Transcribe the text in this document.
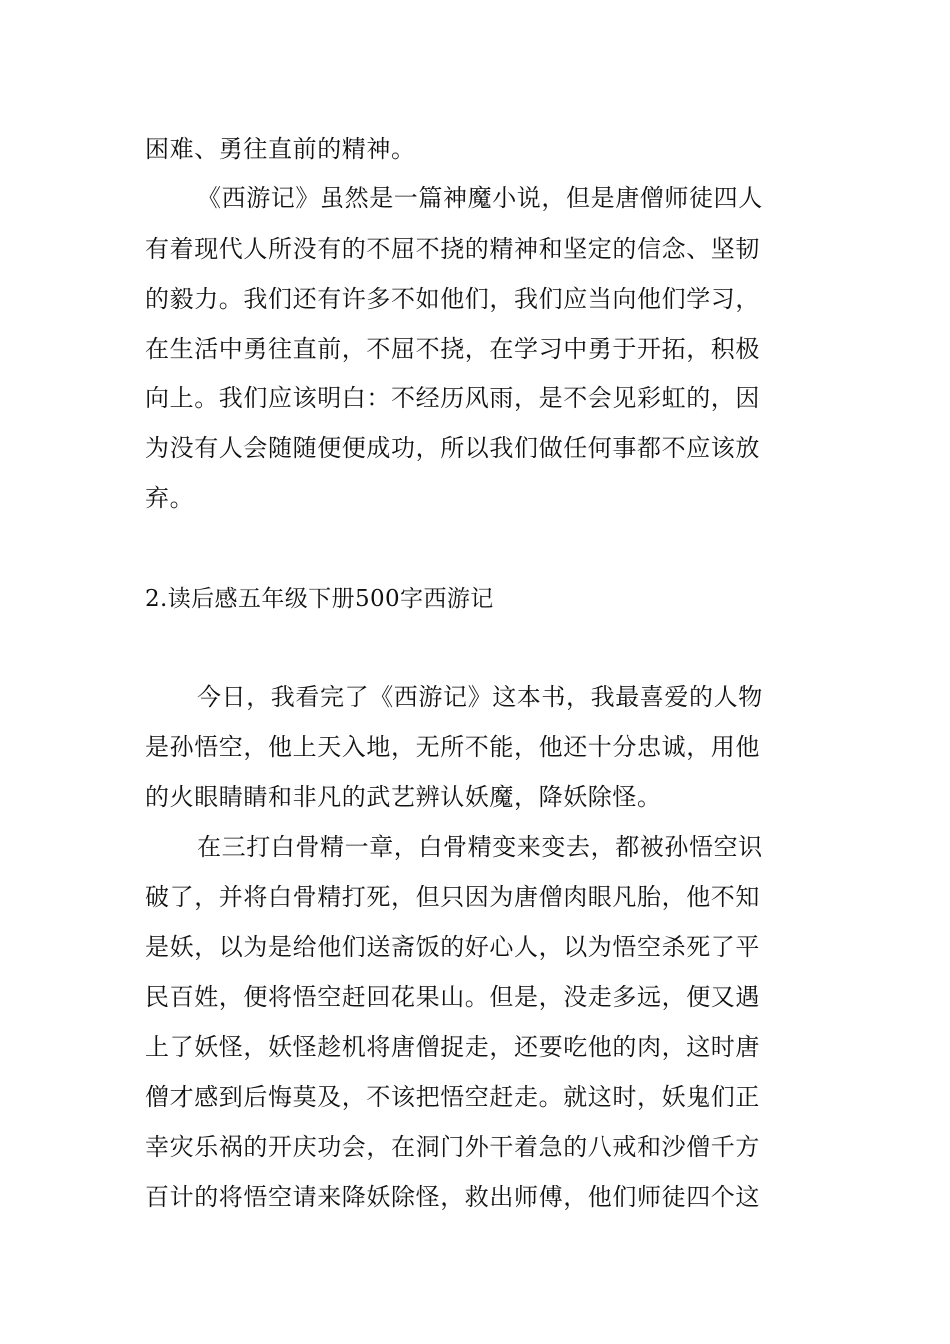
困难、勇往直前的精神。
《西游记》虽然是一篇神魔小说，但是唐僧师徒四人
有着现代人所没有的不屈不挠的精神和坚定的信念、坚韧
的毅力。我们还有许多不如他们，我们应当向他们学习，
在生活中勇往直前，不屈不挠，在学习中勇于开拓，积极
向上。我们应该明白：不经历风雨，是不会见彩虹的，因
为没有人会随随便便成功，所以我们做任何事都不应该放
弃。
2.读后感五年级下册500字西游记
今日，我看完了《西游记》这本书，我最喜爱的人物
是孙悟空，他上天入地，无所不能，他还十分忠诚，用他
的火眼睛睛和非凡的武艺辨认妖魔，降妖除怪。
在三打白骨精一章，白骨精变来变去，都被孙悟空识
破了，并将白骨精打死，但只因为唐僧肉眼凡胎，他不知
是妖，以为是给他们送斋饭的好心人，以为悟空杀死了平
民百姓，便将悟空赶回花果山。但是，没走多远，便又遇
上了妖怪，妖怪趁机将唐僧捉走，还要吃他的肉，这时唐
僧才感到后悔莫及，不该把悟空赶走。就这时，妖鬼们正
幸灾乐祸的开庆功会，在洞门外干着急的八戒和沙僧千方
百计的将悟空请来降妖除怪，救出师傅，他们师徒四个这
